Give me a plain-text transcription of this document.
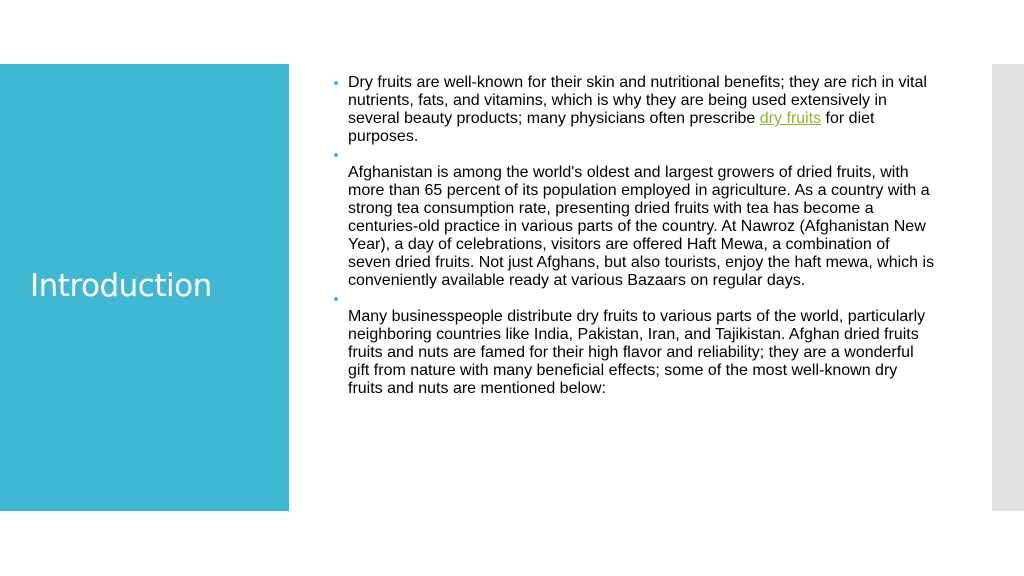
Introduction

Dry fruits are well-known for their skin and nutritional benefits; they are rich in vital nutrients, fats, and vitamins, which is why they are being used extensively in several beauty products; many physicians often prescribe dry fruits for diet purposes.

Afghanistan is among the world's oldest and largest growers of dried fruits, with more than 65 percent of its population employed in agriculture. As a country with a strong tea consumption rate, presenting dried fruits with tea has become a centuries-old practice in various parts of the country. At Nawroz (Afghanistan New Year), a day of celebrations, visitors are offered Haft Mewa, a combination of seven dried fruits. Not just Afghans, but also tourists, enjoy the haft mewa, which is conveniently available ready at various Bazaars on regular days.

Many businesspeople distribute dry fruits to various parts of the world, particularly neighboring countries like India, Pakistan, Iran, and Tajikistan. Afghan dried fruits fruits and nuts are famed for their high flavor and reliability; they are a wonderful gift from nature with many beneficial effects; some of the most well-known dry fruits and nuts are mentioned below:
